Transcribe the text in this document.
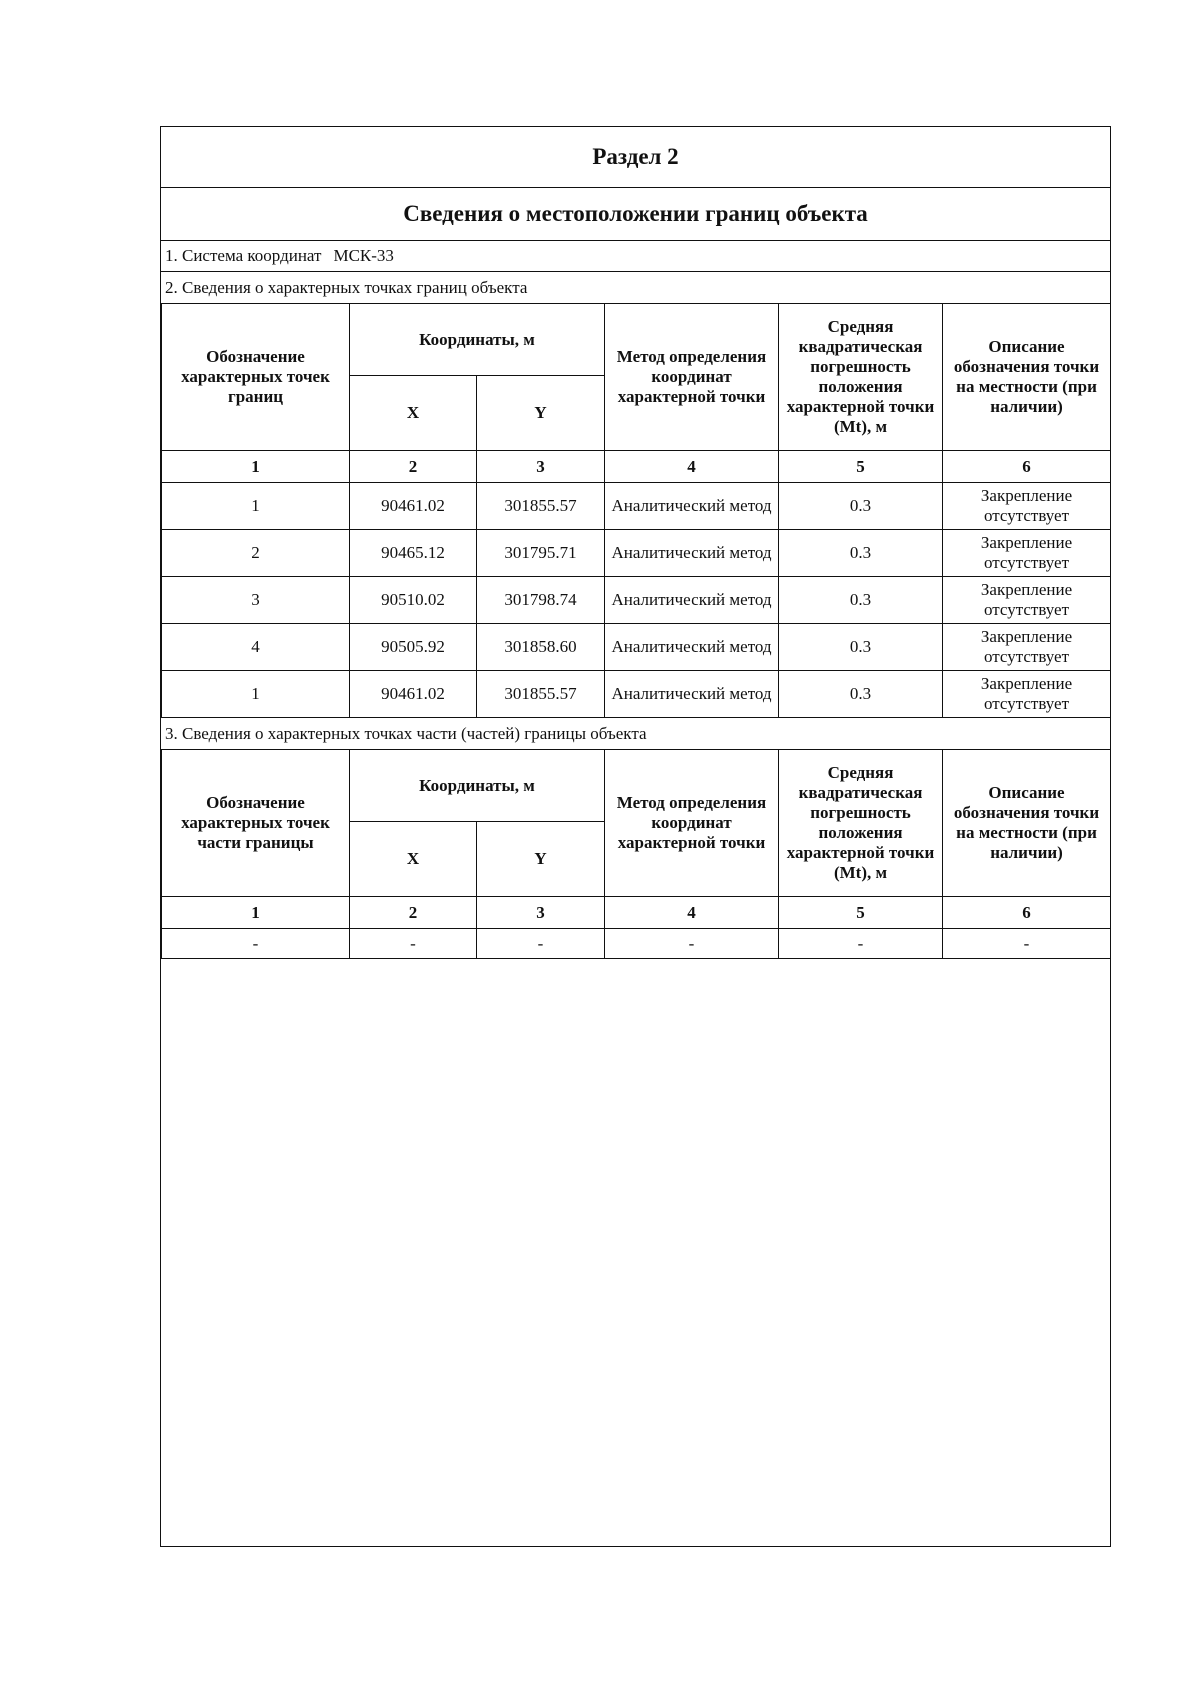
Раздел 2
Сведения о местоположении границ объекта
1. Система координат МСК-33
2. Сведения о характерных точках границ объекта
Обозначение характерных точек границ	Координаты, м		Метод определения координат характерной точки	Средняя квадратическая погрешность положения характерной точки (Mt), м	Описание обозначения точки на местности (при наличии)
	X	Y			
1	2	3	4	5	6
1	90461.02	301855.57	Аналитический метод	0.3	Закрепление отсутствует
2	90465.12	301795.71	Аналитический метод	0.3	Закрепление отсутствует
3	90510.02	301798.74	Аналитический метод	0.3	Закрепление отсутствует
4	90505.92	301858.60	Аналитический метод	0.3	Закрепление отсутствует
1	90461.02	301855.57	Аналитический метод	0.3	Закрепление отсутствует
3. Сведения о характерных точках части (частей) границы объекта
Обозначение характерных точек части границы	Координаты, м		Метод определения координат характерной точки	Средняя квадратическая погрешность положения характерной точки (Mt), м	Описание обозначения точки на местности (при наличии)
	X	Y			
1	2	3	4	5	6
-	-	-	-	-	-
